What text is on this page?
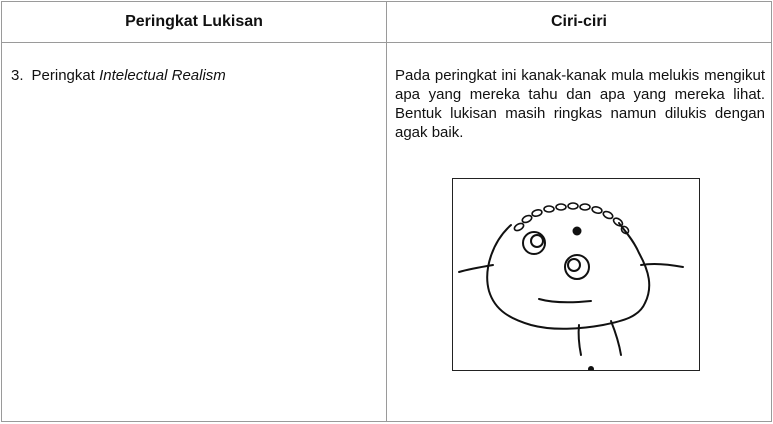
Peringkat Lukisan	Ciri-ciri
3. Peringkat Intelectual Realism	Pada peringkat ini kanak-kanak mula melukis mengikut apa yang mereka tahu dan apa yang mereka lihat. Bentuk lukisan masih ringkas namun dilukis dengan agak baik.
